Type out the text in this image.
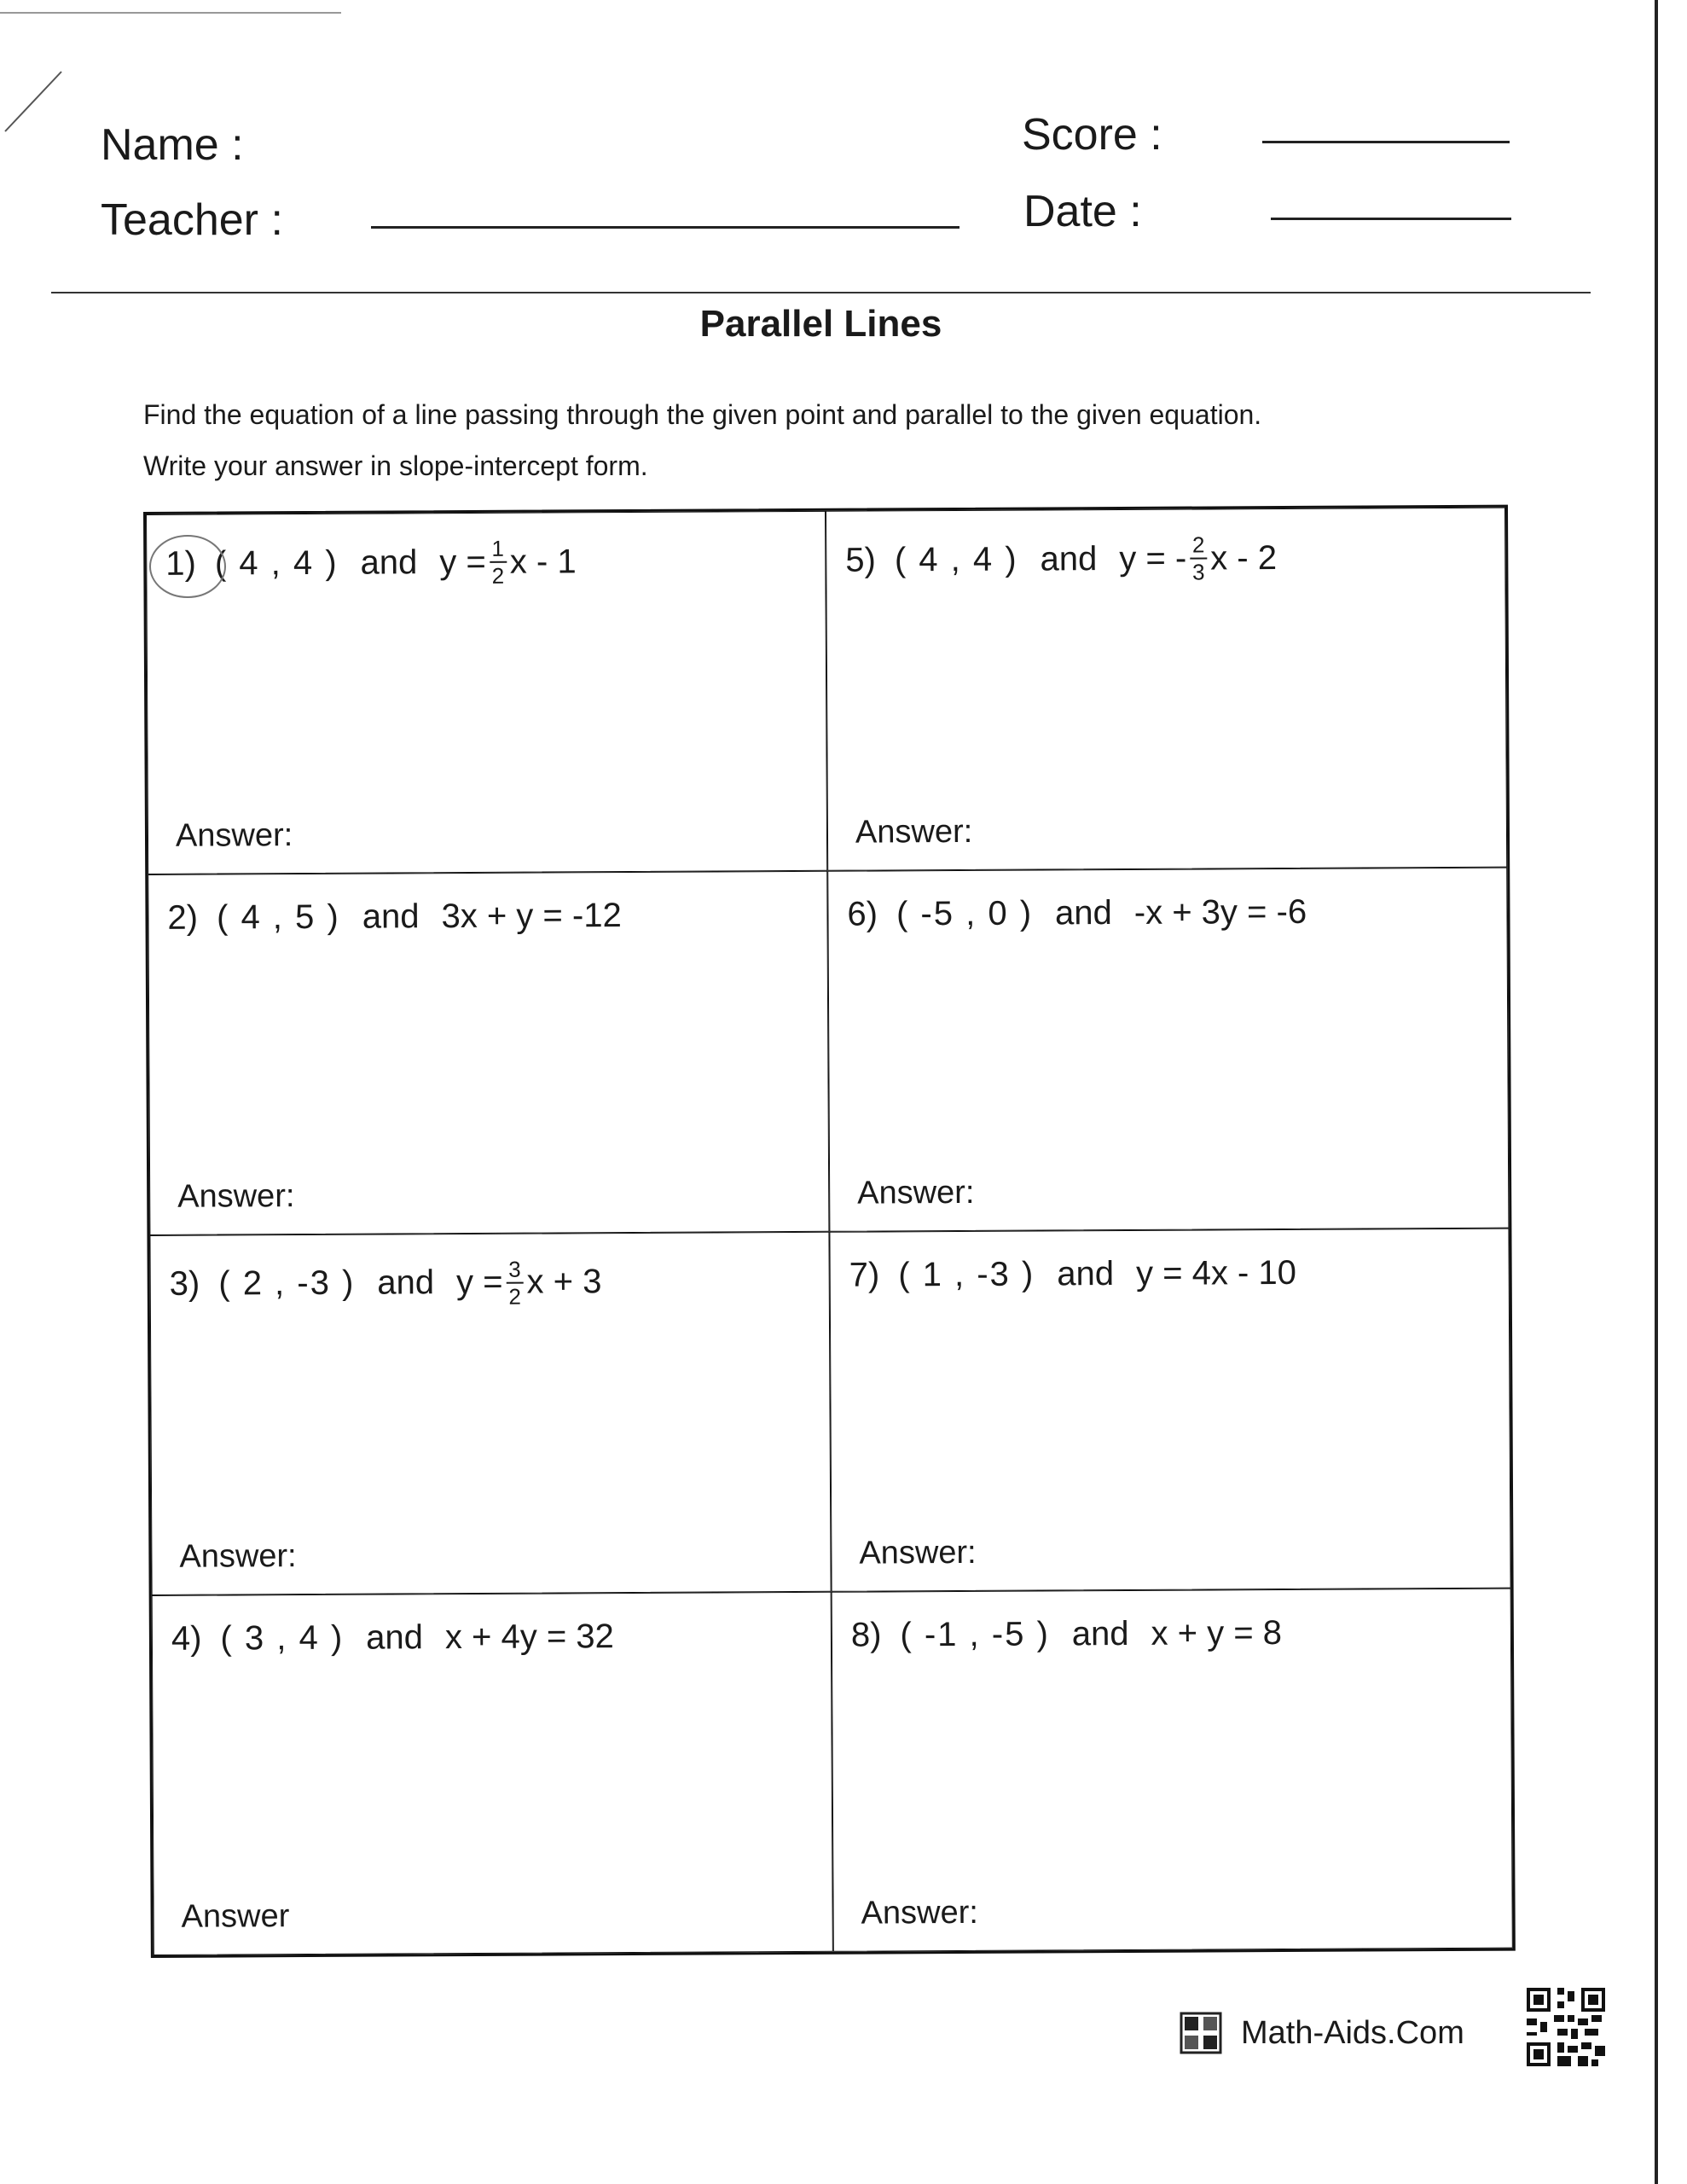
Name :
Teacher :
Score :
Date :
Parallel Lines
Find the equation of a line passing through the given point and parallel to the given equation.
Write your answer in slope-intercept form.
1) ( 4 , 4 ) and $y = \frac{1}{2}$ x - 1
Answer:
5) ( 4 , 4 ) and y = - $\frac{2}{3}$ x - 2
Answer:
2) ( 4 , 5 ) and 3x + y = -12
Answer:
6) ( -5 , 0 ) and -x + 3y = -6
Answer:
3) ( 2 , -3 ) and $y = \frac{3}{2}$ x + 3
Answer:
7) ( 1 , -3 ) and y = 4x - 10
Answer:
4) ( 3 , 4 ) and x + 4y = 32
Answer
8) ( -1 , -5 ) and x + y = 8
Answer:
Math-Aids.Com
